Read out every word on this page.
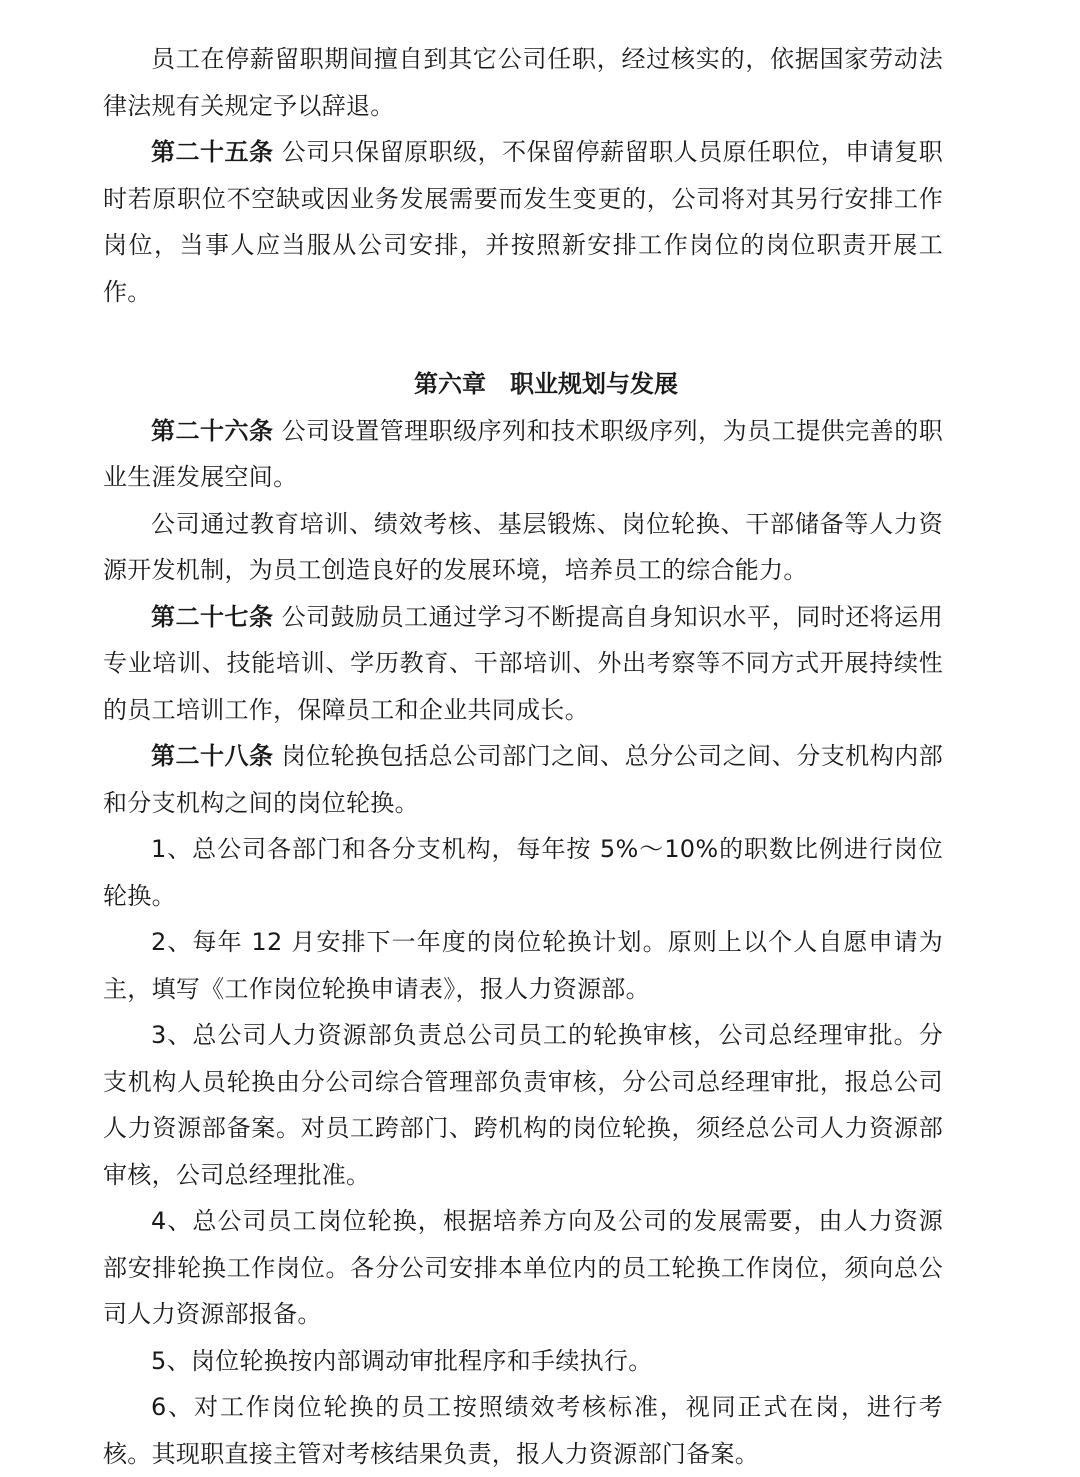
员工在停薪留职期间擅自到其它公司任职，经过核实的，依据国家劳动法律法规有关规定予以辞退。

第二十五条 公司只保留原职级，不保留停薪留职人员原任职位，申请复职时若原职位不空缺或因业务发展需要而发生变更的，公司将对其另行安排工作岗位，当事人应当服从公司安排，并按照新安排工作岗位的岗位职责开展工作。

第六章　职业规划与发展

第二十六条 公司设置管理职级序列和技术职级序列，为员工提供完善的职业生涯发展空间。

公司通过教育培训、绩效考核、基层锻炼、岗位轮换、干部储备等人力资源开发机制，为员工创造良好的发展环境，培养员工的综合能力。

第二十七条 公司鼓励员工通过学习不断提高自身知识水平，同时还将运用专业培训、技能培训、学历教育、干部培训、外出考察等不同方式开展持续性的员工培训工作，保障员工和企业共同成长。

第二十八条 岗位轮换包括总公司部门之间、总分公司之间、分支机构内部和分支机构之间的岗位轮换。

1、总公司各部门和各分支机构，每年按 5%～10%的职数比例进行岗位轮换。

2、每年 12 月安排下一年度的岗位轮换计划。原则上以个人自愿申请为主，填写《工作岗位轮换申请表》，报人力资源部。

3、总公司人力资源部负责总公司员工的轮换审核，公司总经理审批。分支机构人员轮换由分公司综合管理部负责审核，分公司总经理审批，报总公司人力资源部备案。对员工跨部门、跨机构的岗位轮换，须经总公司人力资源部审核，公司总经理批准。

4、总公司员工岗位轮换，根据培养方向及公司的发展需要，由人力资源部安排轮换工作岗位。各分公司安排本单位内的员工轮换工作岗位，须向总公司人力资源部报备。

5、岗位轮换按内部调动审批程序和手续执行。

6、对工作岗位轮换的员工按照绩效考核标准，视同正式在岗，进行考核。其现职直接主管对考核结果负责，报人力资源部门备案。
